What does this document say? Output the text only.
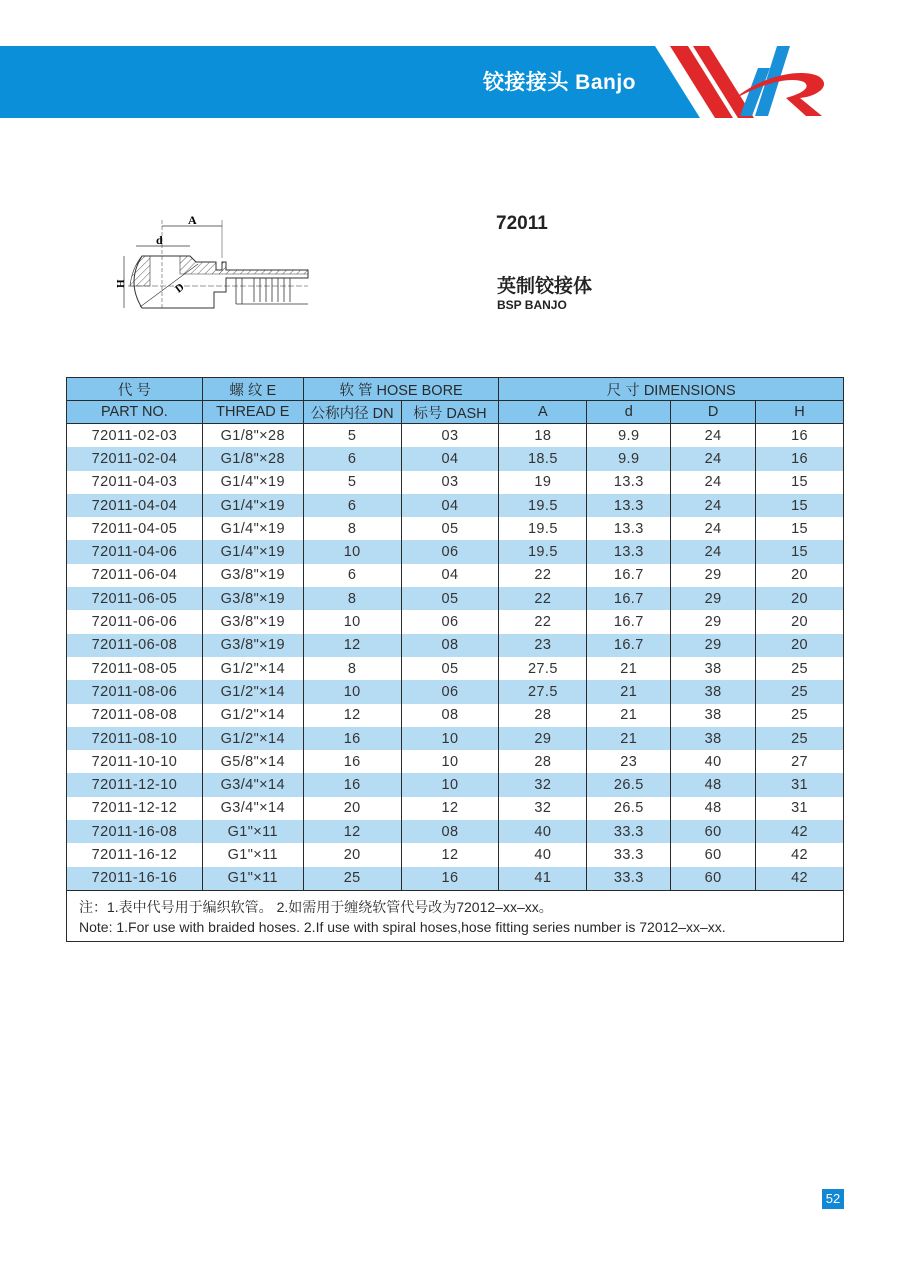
铰接接头 Banjo
A
d
H	D
72011
英制铰接体
BSP BANJO
代 号	螺 纹 E	软 管 HOSE BORE		尺 寸 DIMENSIONS			
PART NO.	THREAD E	公称内径 DN	标号 DASH	A	d	D	H
72011-02-03	G1/8"×28	5	03	18	9.9	24	16
72011-02-04	G1/8"×28	6	04	18.5	9.9	24	16
72011-04-03	G1/4"×19	5	03	19	13.3	24	15
72011-04-04	G1/4"×19	6	04	19.5	13.3	24	15
72011-04-05	G1/4"×19	8	05	19.5	13.3	24	15
72011-04-06	G1/4"×19	10	06	19.5	13.3	24	15
72011-06-04	G3/8"×19	6	04	22	16.7	29	20
72011-06-05	G3/8"×19	8	05	22	16.7	29	20
72011-06-06	G3/8"×19	10	06	22	16.7	29	20
72011-06-08	G3/8"×19	12	08	23	16.7	29	20
72011-08-05	G1/2"×14	8	05	27.5	21	38	25
72011-08-06	G1/2"×14	10	06	27.5	21	38	25
72011-08-08	G1/2"×14	12	08	28	21	38	25
72011-08-10	G1/2"×14	16	10	29	21	38	25
72011-10-10	G5/8"×14	16	10	28	23	40	27
72011-12-10	G3/4"×14	16	10	32	26.5	48	31
72011-12-12	G3/4"×14	20	12	32	26.5	48	31
72011-16-08	G1"×11	12	08	40	33.3	60	42
72011-16-12	G1"×11	20	12	40	33.3	60	42
72011-16-16	G1"×11	25	16	41	33.3	60	42

注：1.表中代号用于编织软管。 2.如需用于缠绕软管代号改为72012–xx–xx。
Note: 1.For use with braided hoses. 2.If use with spiral hoses,hose fitting series number is 72012–xx–xx.							
52
